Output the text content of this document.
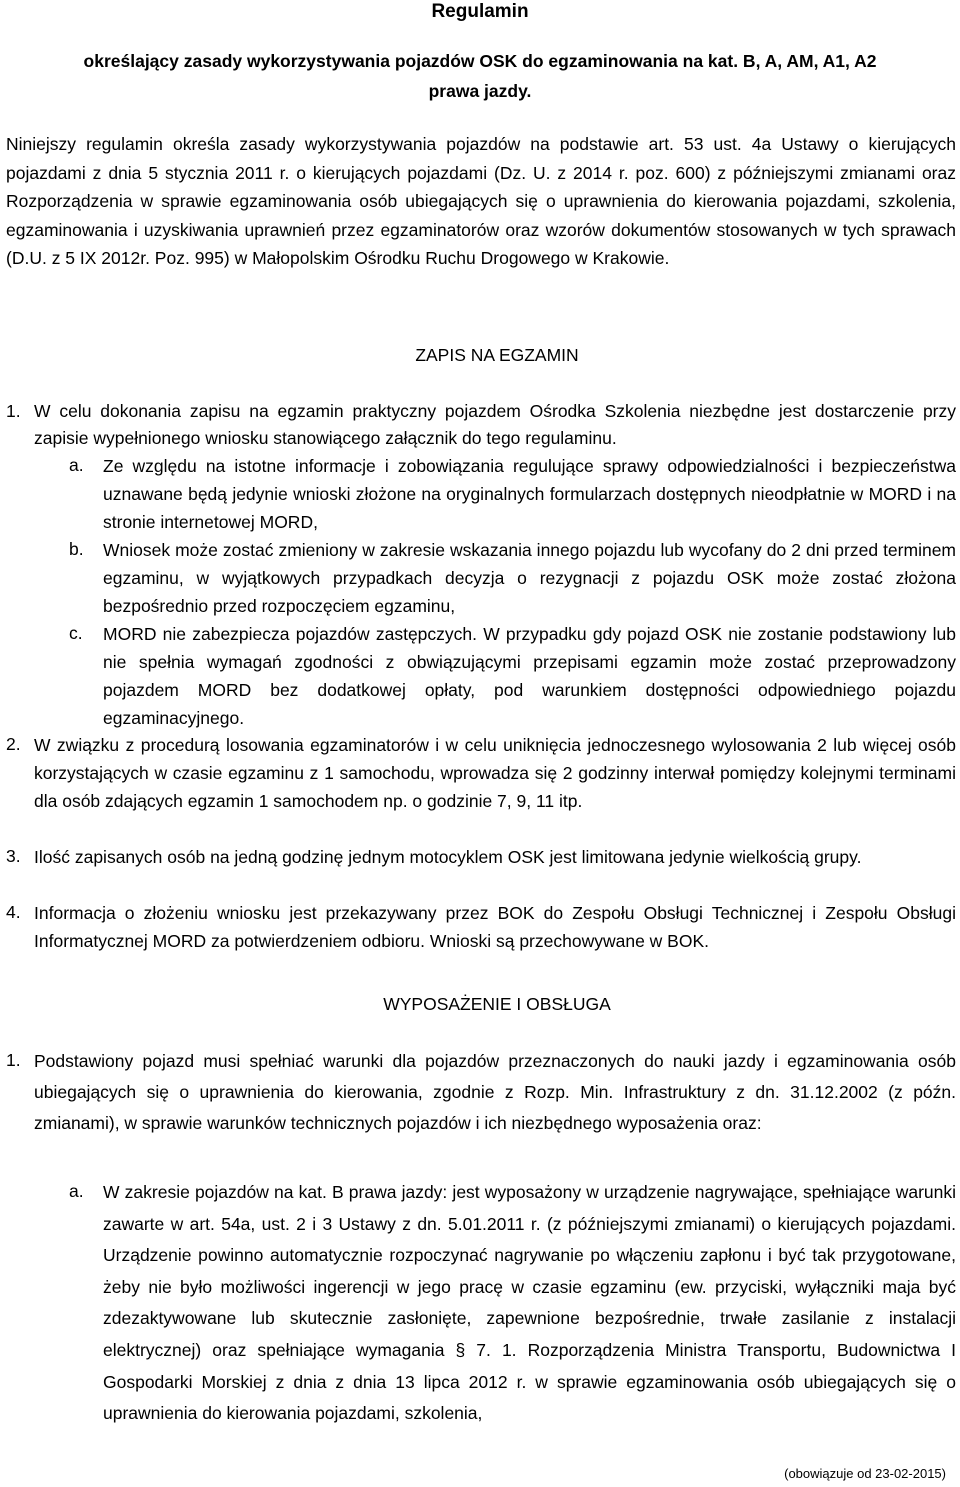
Regulamin
określający zasady wykorzystywania pojazdów OSK do egzaminowania na kat. B, A, AM, A1, A2
prawa jazdy.

Niniejszy regulamin określa zasady wykorzystywania pojazdów na podstawie art. 53 ust. 4a Ustawy o kierujących pojazdami z dnia 5 stycznia 2011 r. o kierujących pojazdami (Dz. U. z 2014 r. poz. 600) z późniejszymi zmianami oraz Rozporządzenia w sprawie egzaminowania osób ubiegających się o uprawnienia do kierowania pojazdami, szkolenia, egzaminowania i uzyskiwania uprawnień przez egzaminatorów oraz wzorów dokumentów stosowanych w tych sprawach (D.U. z 5 IX 2012r. Poz. 995) w Małopolskim Ośrodku Ruchu Drogowego w Krakowie.

ZAPIS NA EGZAMIN
1. W celu dokonania zapisu na egzamin praktyczny pojazdem Ośrodka Szkolenia niezbędne jest dostarczenie przy zapisie wypełnionego wniosku stanowiącego załącznik do tego regulaminu.

a. Ze względu na istotne informacje i zobowiązania regulujące sprawy odpowiedzialności i bezpieczeństwa uznawane będą jedynie wnioski złożone na oryginalnych formularzach dostępnych nieodpłatnie w MORD i na stronie internetowej MORD,

b. Wniosek może zostać zmieniony w zakresie wskazania innego pojazdu lub wycofany do 2 dni przed terminem egzaminu, w wyjątkowych przypadkach decyzja o rezygnacji z pojazdu OSK może zostać złożona bezpośrednio przed rozpoczęciem egzaminu,

c. MORD nie zabezpiecza pojazdów zastępczych. W przypadku gdy pojazd OSK nie zostanie podstawiony lub nie spełnia wymagań zgodności z obwiązującymi przepisami egzamin może zostać przeprowadzony pojazdem MORD bez dodatkowej opłaty, pod warunkiem dostępności odpowiedniego pojazdu egzaminacyjnego.

2. W związku z procedurą losowania egzaminatorów i w celu uniknięcia jednoczesnego wylosowania 2 lub więcej osób korzystających w czasie egzaminu z 1 samochodu, wprowadza się 2 godzinny interwał pomiędzy kolejnymi terminami dla osób zdających egzamin 1 samochodem np. o godzinie 7, 9, 11 itp.

3. Ilość zapisanych osób na jedną godzinę jednym motocyklem OSK jest limitowana jedynie wielkością grupy.

4. Informacja o złożeniu wniosku jest przekazywany przez BOK do Zespołu Obsługi Technicznej i Zespołu Obsługi Informatycznej MORD za potwierdzeniem odbioru. Wnioski są przechowywane w BOK.

WYPOSAŻENIE I OBSŁUGA
1. Podstawiony pojazd musi spełniać warunki dla pojazdów przeznaczonych do nauki jazdy i egzaminowania osób ubiegających się o uprawnienia do kierowania, zgodnie z Rozp. Min. Infrastruktury z dn. 31.12.2002 (z późn. zmianami), w sprawie warunków technicznych pojazdów i ich niezbędnego wyposażenia oraz:

a. W zakresie pojazdów na kat. B prawa jazdy: jest wyposażony w urządzenie nagrywające, spełniające warunki zawarte w art. 54a, ust. 2 i 3 Ustawy z dn. 5.01.2011 r. (z późniejszymi zmianami) o kierujących pojazdami. Urządzenie powinno automatycznie rozpoczynać nagrywanie po włączeniu zapłonu i być tak przygotowane, żeby nie było możliwości ingerencji w jego pracę w czasie egzaminu (ew. przyciski, wyłączniki maja być zdezaktywowane lub skutecznie zasłonięte, zapewnione bezpośrednie, trwałe zasilanie z instalacji elektrycznej) oraz spełniające wymagania § 7. 1. Rozporządzenia Ministra Transportu, Budownictwa I Gospodarki Morskiej z dnia z dnia 13 lipca 2012 r. w sprawie egzaminowania osób ubiegających się o uprawnienia do kierowania pojazdami, szkolenia,

(obowiązuje od 23-02-2015)
